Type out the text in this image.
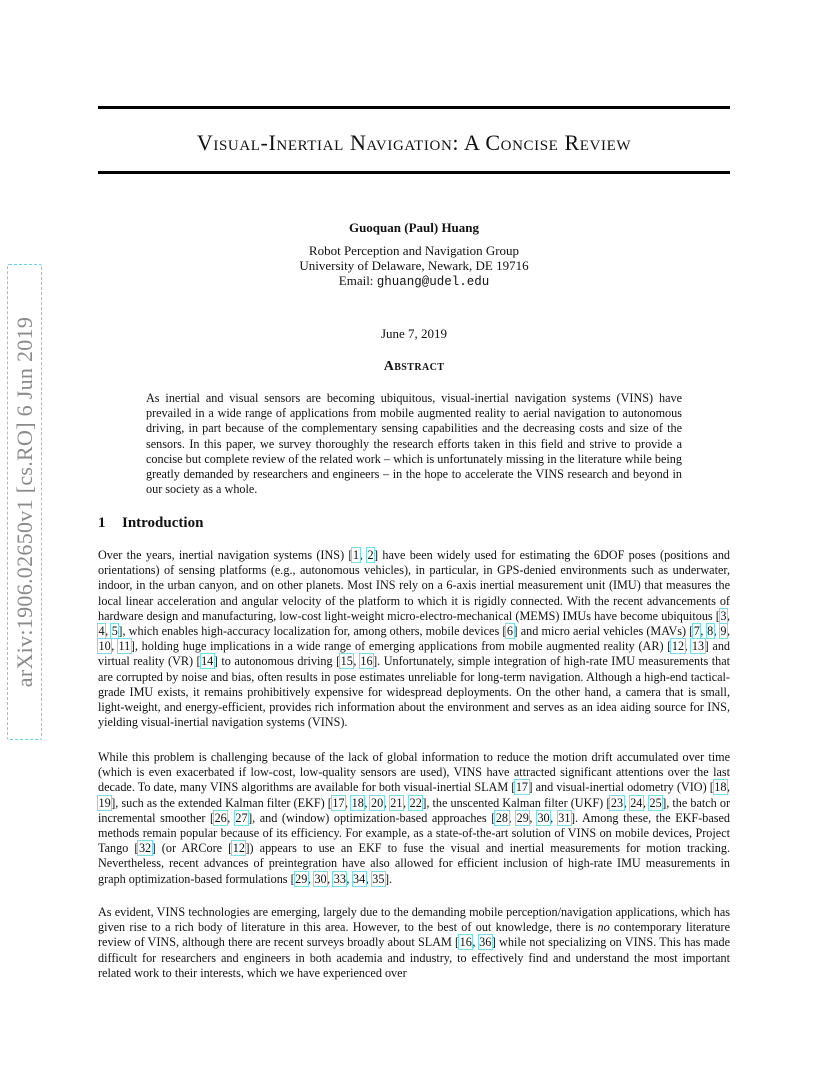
arXiv:1906.02650v1 [cs.RO] 6 Jun 2019
Visual-Inertial Navigation: A Concise Review
Guoquan (Paul) Huang
Robot Perception and Navigation Group
University of Delaware, Newark, DE 19716
Email: ghuang@udel.edu
June 7, 2019
Abstract
As inertial and visual sensors are becoming ubiquitous, visual-inertial navigation systems (VINS) have prevailed in a wide range of applications from mobile augmented reality to aerial navigation to autonomous driving, in part because of the complementary sensing capabilities and the decreasing costs and size of the sensors. In this paper, we survey thoroughly the research efforts taken in this field and strive to provide a concise but complete review of the related work – which is unfortunately missing in the literature while being greatly demanded by researchers and engineers – in the hope to accelerate the VINS research and beyond in our society as a whole.
1 Introduction

Over the years, inertial navigation systems (INS) [1, 2] have been widely used for estimating the 6DOF poses (positions and orientations) of sensing platforms (e.g., autonomous vehicles), in particular, in GPS-denied environments such as underwater, indoor, in the urban canyon, and on other planets. Most INS rely on a 6-axis inertial measurement unit (IMU) that measures the local linear acceleration and angular velocity of the platform to which it is rigidly connected. With the recent advancements of hardware design and manufacturing, low-cost light-weight micro-electro-mechanical (MEMS) IMUs have become ubiquitous [3, 4, 5], which enables high-accuracy localization for, among others, mobile devices [6] and micro aerial vehicles (MAVs) [7, 8, 9, 10, 11], holding huge implications in a wide range of emerging applications from mobile augmented reality (AR) [12, 13] and virtual reality (VR) [14] to autonomous driving [15, 16]. Unfortunately, simple integration of high-rate IMU measurements that are corrupted by noise and bias, often results in pose estimates unreliable for long-term navigation. Although a high-end tactical-grade IMU exists, it remains prohibitively expensive for widespread deployments. On the other hand, a camera that is small, light-weight, and energy-efficient, provides rich information about the environment and serves as an idea aiding source for INS, yielding visual-inertial navigation systems (VINS).

While this problem is challenging because of the lack of global information to reduce the motion drift accumulated over time (which is even exacerbated if low-cost, low-quality sensors are used), VINS have attracted significant attentions over the last decade. To date, many VINS algorithms are available for both visual-inertial SLAM [17] and visual-inertial odometry (VIO) [18, 19], such as the extended Kalman filter (EKF) [17, 18, 20, 21, 22], the unscented Kalman filter (UKF) [23, 24, 25], the batch or incremental smoother [26, 27], and (window) optimization-based approaches [28, 29, 30, 31]. Among these, the EKF-based methods remain popular because of its efficiency. For example, as a state-of-the-art solution of VINS on mobile devices, Project Tango [32] (or ARCore [12]) appears to use an EKF to fuse the visual and inertial measurements for motion tracking. Nevertheless, recent advances of preintegration have also allowed for efficient inclusion of high-rate IMU measurements in graph optimization-based formulations [29, 30, 33, 34, 35].

As evident, VINS technologies are emerging, largely due to the demanding mobile perception/navigation applications, which has given rise to a rich body of literature in this area. However, to the best of out knowledge, there is no contemporary literature review of VINS, although there are recent surveys broadly about SLAM [16, 36] while not specializing on VINS. This has made difficult for researchers and engineers in both academia and industry, to effectively find and understand the most important related work to their interests, which we have experienced over
